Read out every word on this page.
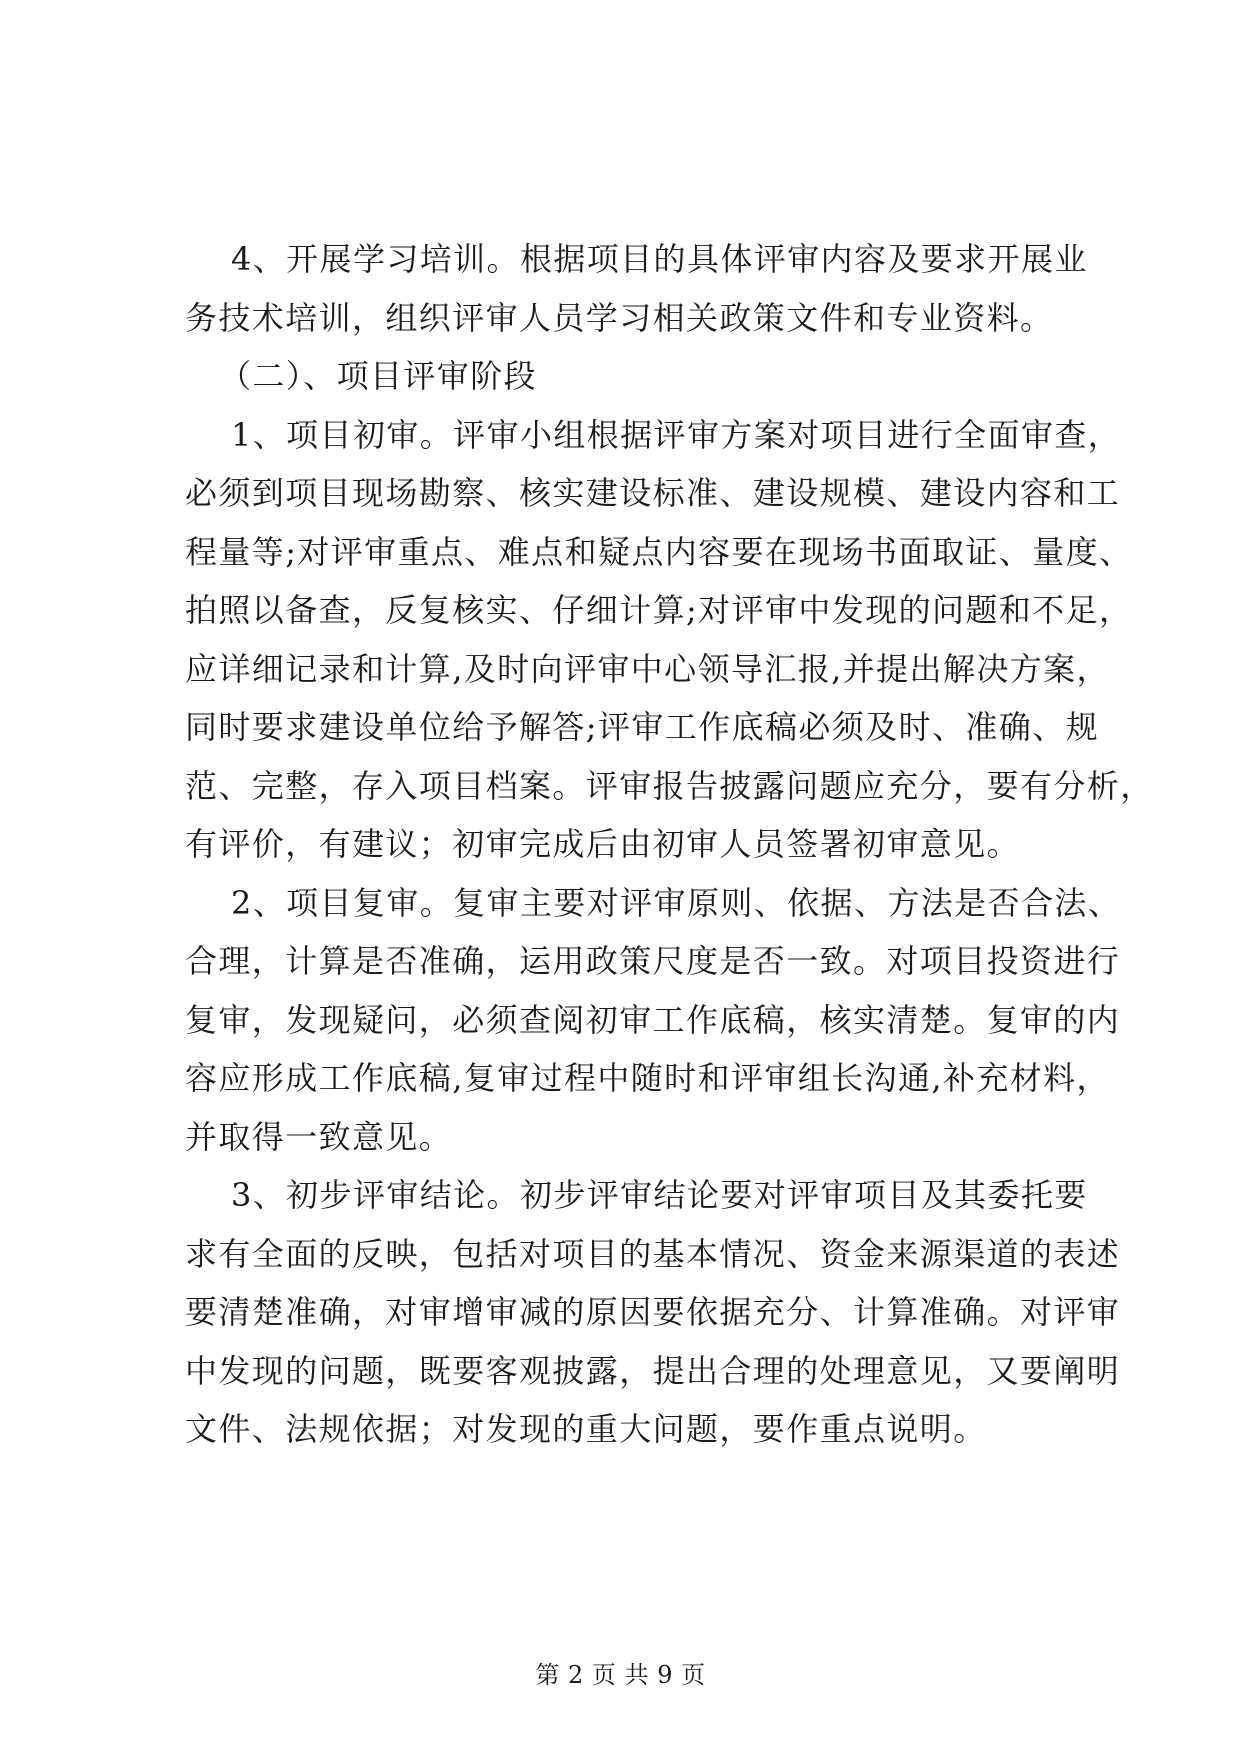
4、开展学习培训。根据项目的具体评审内容及要求开展业
务技术培训，组织评审人员学习相关政策文件和专业资料。
（二）、项目评审阶段
1、项目初审。评审小组根据评审方案对项目进行全面审查，
必须到项目现场勘察、核实建设标准、建设规模、建设内容和工
程量等;对评审重点、难点和疑点内容要在现场书面取证、量度、
拍照以备查，反复核实、仔细计算;对评审中发现的问题和不足，
应详细记录和计算,及时向评审中心领导汇报,并提出解决方案，
同时要求建设单位给予解答;评审工作底稿必须及时、准确、规
范、完整，存入项目档案。评审报告披露问题应充分，要有分析，
有评价，有建议；初审完成后由初审人员签署初审意见。
2、项目复审。复审主要对评审原则、依据、方法是否合法、
合理，计算是否准确，运用政策尺度是否一致。对项目投资进行
复审，发现疑问，必须查阅初审工作底稿，核实清楚。复审的内
容应形成工作底稿,复审过程中随时和评审组长沟通,补充材料，
并取得一致意见。
3、初步评审结论。初步评审结论要对评审项目及其委托要
求有全面的反映，包括对项目的基本情况、资金来源渠道的表述
要清楚准确，对审增审减的原因要依据充分、计算准确。对评审
中发现的问题，既要客观披露，提出合理的处理意见，又要阐明
文件、法规依据；对发现的重大问题，要作重点说明。
第 2 页 共 9 页
